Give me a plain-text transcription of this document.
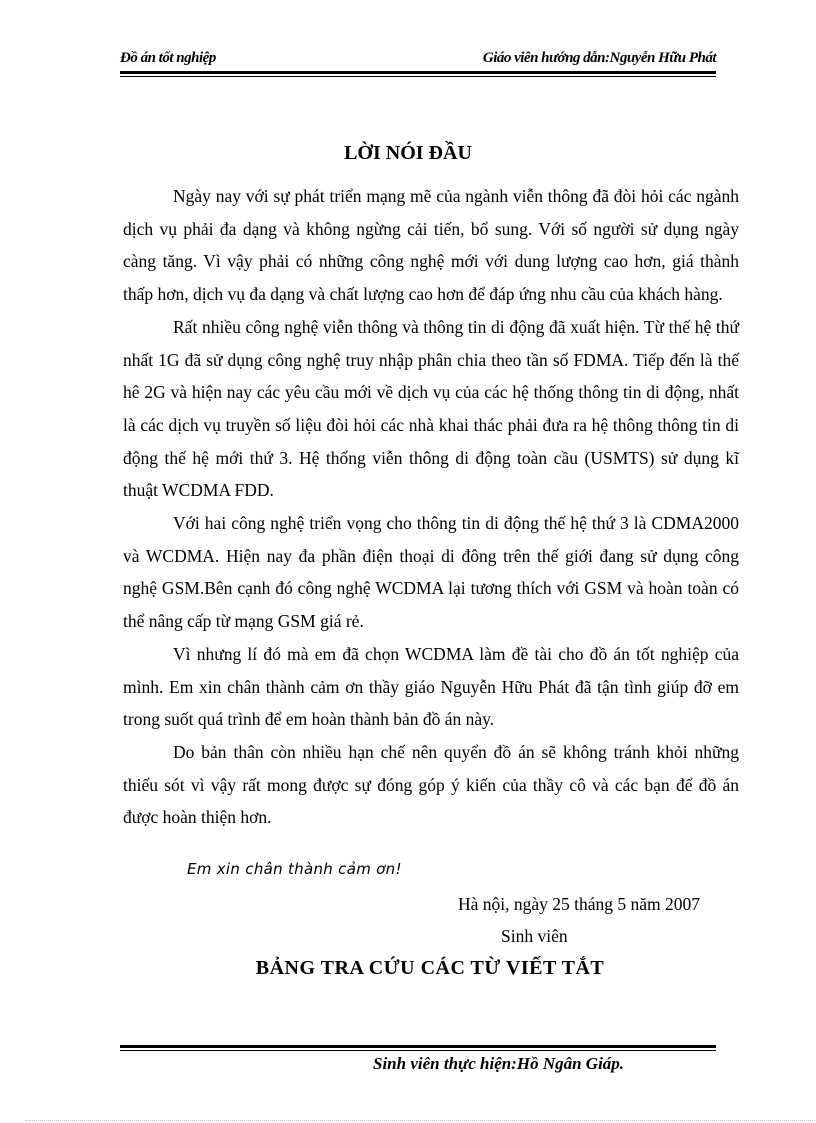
Đồ án tốt nghiệp	Giáo viên hướng dẫn:Nguyễn Hữu Phát
LỜI NÓI ĐẦU

Ngày nay với sự phát triển mạng mẽ của ngành viễn thông đã đòi hỏi các ngành dịch vụ phải đa dạng và không ngừng cải tiến, bổ sung. Với số người sử dụng ngày càng tăng. Vì vậy phải có những công nghệ mới với dung lượng cao hơn, giá thành thấp hơn, dịch vụ đa dạng và chất lượng cao hơn để đáp ứng nhu cầu của khách hàng.

Rất nhiều công nghệ viễn thông và thông tin di động đã xuất hiện. Từ thế hệ thứ nhất 1G đã sử dụng công nghệ truy nhập phân chia theo tần số FDMA. Tiếp đến là thế hê 2G và hiện nay các yêu cầu mới về dịch vụ của các hệ thống thông tin di động, nhất là các dịch vụ truyền số liệu đòi hỏi các nhà khai thác phải đưa ra hệ thông thông tin di động thế hệ mới thứ 3. Hệ thống viễn thông di động toàn cầu (USMTS) sử dụng kĩ thuật WCDMA FDD.

Với hai công nghệ triển vọng cho thông tin di động thế hệ thứ 3 là CDMA2000 và WCDMA. Hiện nay đa phần điện thoại di đông trên thế giới đang sử dụng công nghệ GSM.Bên cạnh đó công nghệ WCDMA lại tương thích với GSM và hoàn toàn có thể nâng cấp từ mạng GSM giá rẻ.

Vì nhưng lí đó mà em đã chọn WCDMA làm đề tài cho đồ án tốt nghiệp của mình. Em xin chân thành cảm ơn thầy giáo Nguyễn Hữu Phát đã tận tình giúp đỡ em trong suốt quá trình để em hoàn thành bản đồ án này.

Do bản thân còn nhiều hạn chế nên quyển đồ án sẽ không tránh khỏi những thiếu sót vì vậy rất mong được sự đóng góp ý kiến của thầy cô và các bạn để đồ án được hoàn thiện hơn.

Em xin chân thành cảm ơn!
Hà nội, ngày 25 tháng 5 năm 2007
Sinh viên
BẢNG TRA CỨU CÁC TỪ VIẾT TẮT
Sinh viên thực hiện:Hồ Ngân Giáp.
